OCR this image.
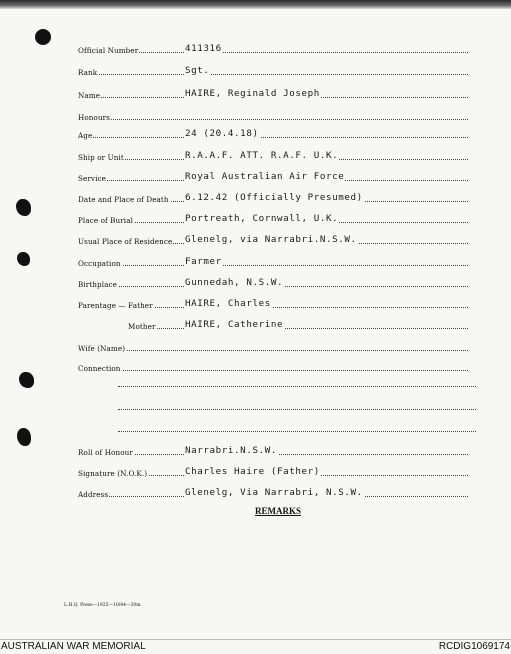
Official Number	411316
Rank	Sgt.
Name	HAIRE, Reginald Joseph
Honours
Age	24 (20.4.18)
Ship or Unit	R.A.A.F. ATT. R.A.F. U.K.
Service	Royal Australian Air Force
Date and Place of Death 6.12.42 (Officially Presumed)
Place of Burial	Portreath, Cornwall, U.K.
Usual Place of Residence Glenelg, via Narrabri.N.S.W.
Occupation	Farmer
Birthplace	Gunnedah, N.S.W.
Parentage — Father	HAIRE, Charles
Mother	HAIRE, Catherine
Wife (Name)
Connection
Roll of Honour	Narrabri.N.S.W.
Signature (N.O.K.)	Charles Haire (Father)
Address	Glenelg, Via Narrabri, N.S.W.
REMARKS
L.H.Q. Press—1925—10/44—30m.
AUSTRALIAN WAR MEMORIAL	RCDIG1069174
